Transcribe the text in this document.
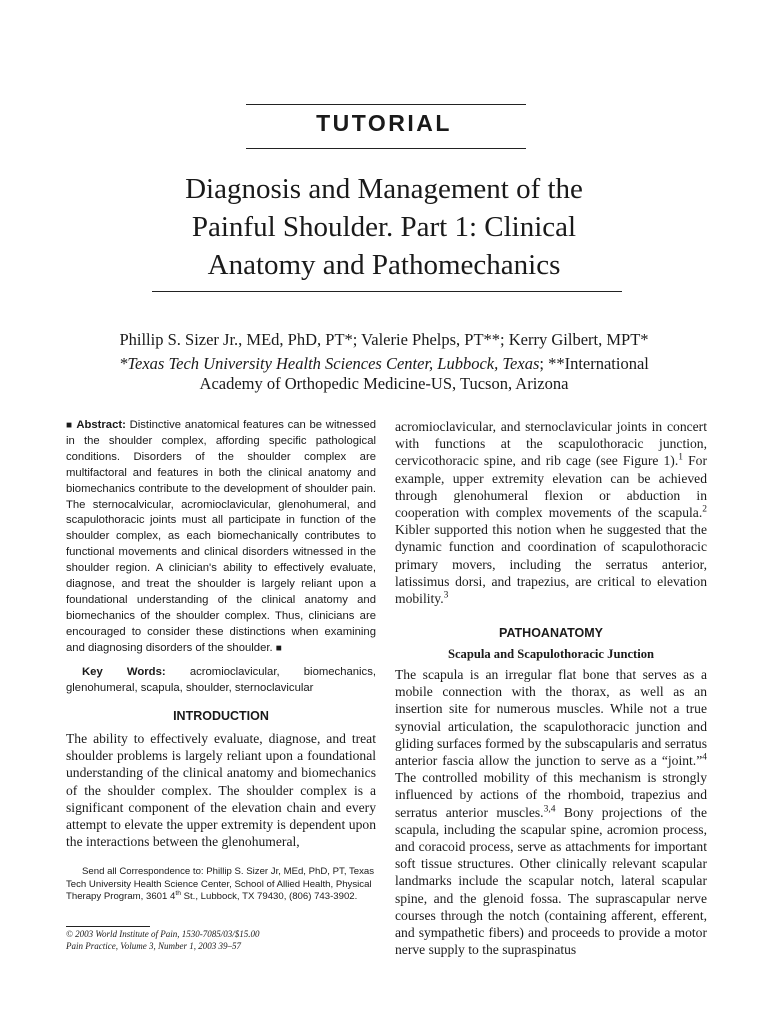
TUTORIAL
Diagnosis and Management of the
Painful Shoulder. Part 1: Clinical
Anatomy and Pathomechanics
Phillip S. Sizer Jr., MEd, PhD, PT*; Valerie Phelps, PT**; Kerry Gilbert, MPT*
*Texas Tech University Health Sciences Center, Lubbock, Texas; **International
Academy of Orthopedic Medicine-US, Tucson, Arizona
■ Abstract: Distinctive anatomical features can be witnessed in the shoulder complex, affording specific pathological conditions. Disorders of the shoulder complex are multifactoral and features in both the clinical anatomy and biomechanics contribute to the development of shoulder pain. The sternocalvicular, acromioclavicular, glenohumeral, and scapulothoracic joints must all participate in function of the shoulder complex, as each biomechanically contributes to functional movements and clinical disorders witnessed in the shoulder region. A clinician's ability to effectively evaluate, diagnose, and treat the shoulder is largely reliant upon a foundational understanding of the clinical anatomy and biomechanics of the shoulder complex. Thus, clinicians are encouraged to consider these distinctions when examining and diagnosing disorders of the shoulder. ■
Key Words: acromioclavicular, biomechanics, glenohumeral, scapula, shoulder, sternoclavicular
INTRODUCTION
The ability to effectively evaluate, diagnose, and treat shoulder problems is largely reliant upon a foundational understanding of the clinical anatomy and biomechanics of the shoulder complex. The shoulder complex is a significant component of the elevation chain and every attempt to elevate the upper extremity is dependent upon the interactions between the glenohumeral,
Send all Correspondence to: Phillip S. Sizer Jr, MEd, PhD, PT, Texas Tech University Health Science Center, School of Allied Health, Physical Therapy Program, 3601 4th St., Lubbock, TX 79430, (806) 743-3902.
© 2003 World Institute of Pain, 1530-7085/03/$15.00
Pain Practice, Volume 3, Number 1, 2003 39–57
acromioclavicular, and sternoclavicular joints in concert with functions at the scapulothoracic junction, cervicothoracic spine, and rib cage (see Figure 1).$^1$ For example, upper extremity elevation can be achieved through glenohumeral flexion or abduction in cooperation with complex movements of the scapula.$^2$ Kibler supported this notion when he suggested that the dynamic function and coordination of scapulothoracic primary movers, including the serratus anterior, latissimus dorsi, and trapezius, are critical to elevation mobility.$^3$
PATHOANATOMY
Scapula and Scapulothoracic Junction
The scapula is an irregular flat bone that serves as a mobile connection with the thorax, as well as an insertion site for numerous muscles. While not a true synovial articulation, the scapulothoracic junction and gliding surfaces formed by the subscapularis and serratus anterior fascia allow the junction to serve as a “joint.”$^4$ The controlled mobility of this mechanism is strongly influenced by actions of the rhomboid, trapezius and serratus anterior muscles.$^{3,4}$ Bony projections of the scapula, including the scapular spine, acromion process, and coracoid process, serve as attachments for important soft tissue structures. Other clinically relevant scapular landmarks include the scapular notch, lateral scapular spine, and the glenoid fossa. The suprascapular nerve courses through the notch (containing afferent, efferent, and sympathetic fibers) and proceeds to provide a motor nerve supply to the supraspinatus
